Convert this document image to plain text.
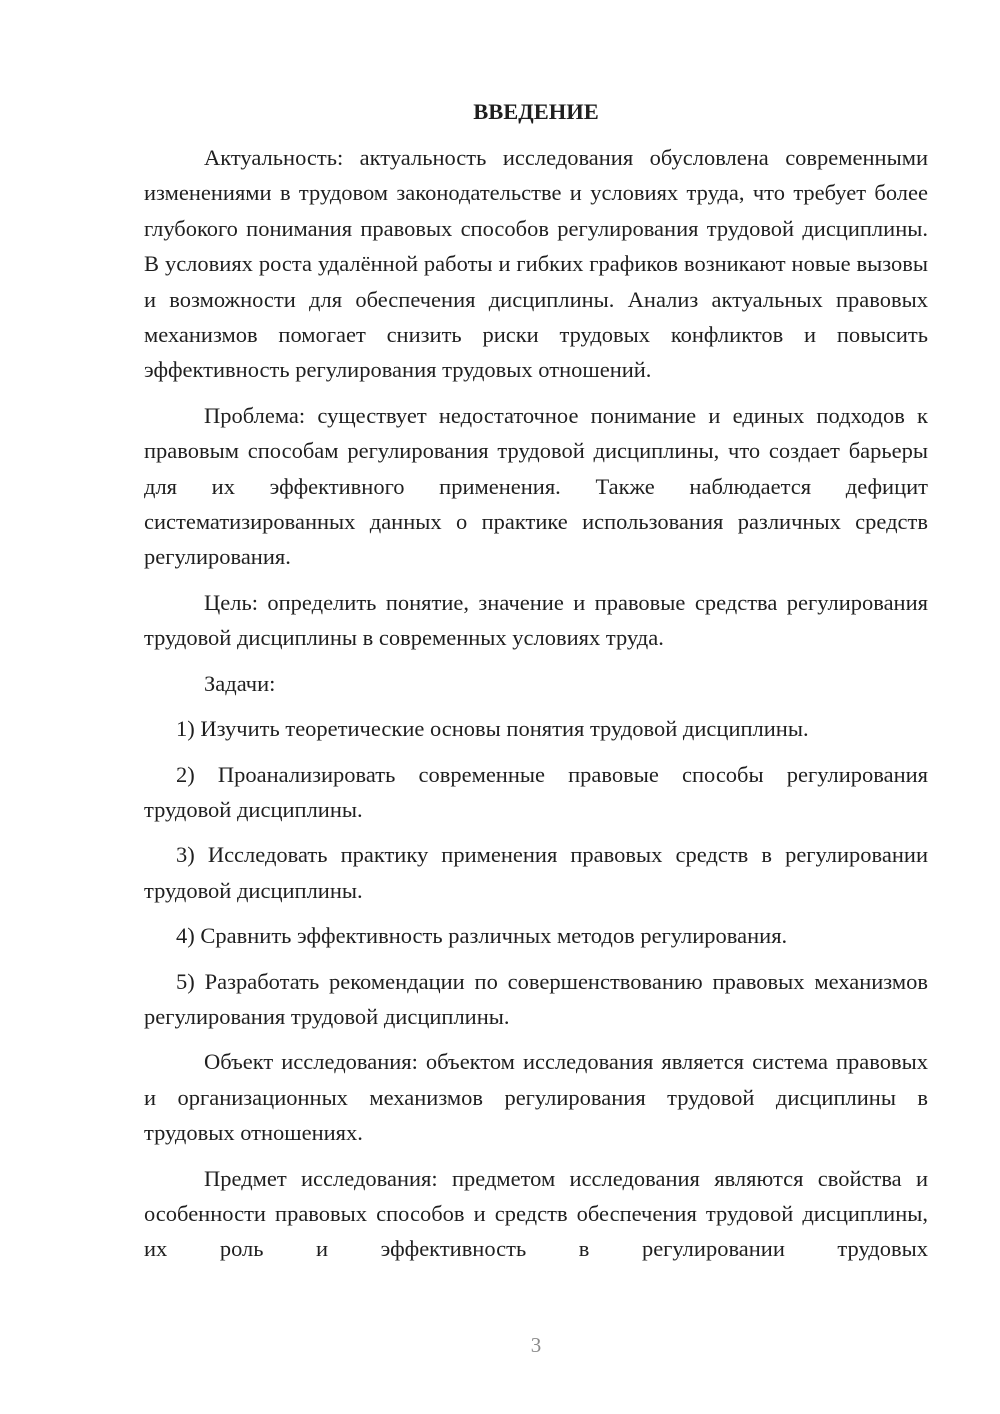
ВВЕДЕНИЕ

Актуальность: актуальность исследования обусловлена современными изменениями в трудовом законодательстве и условиях труда, что требует более глубокого понимания правовых способов регулирования трудовой дисциплины. В условиях роста удалённой работы и гибких графиков возникают новые вызовы и возможности для обеспечения дисциплины. Анализ актуальных правовых механизмов помогает снизить риски трудовых конфликтов и повысить эффективность регулирования трудовых отношений.

Проблема: существует недостаточное понимание и единых подходов к правовым способам регулирования трудовой дисциплины, что создает барьеры для их эффективного применения. Также наблюдается дефицит систематизированных данных о практике использования различных средств регулирования.

Цель: определить понятие, значение и правовые средства регулирования трудовой дисциплины в современных условиях труда.

Задачи:

1) Изучить теоретические основы понятия трудовой дисциплины.

2) Проанализировать современные правовые способы регулирования трудовой дисциплины.

3) Исследовать практику применения правовых средств в регулировании трудовой дисциплины.

4) Сравнить эффективность различных методов регулирования.

5) Разработать рекомендации по совершенствованию правовых механизмов регулирования трудовой дисциплины.

Объект исследования: объектом исследования является система правовых и организационных механизмов регулирования трудовой дисциплины в трудовых отношениях.

Предмет исследования: предметом исследования являются свойства и особенности правовых способов и средств обеспечения трудовой дисциплины, их роль и эффективность в регулировании трудовых

3
